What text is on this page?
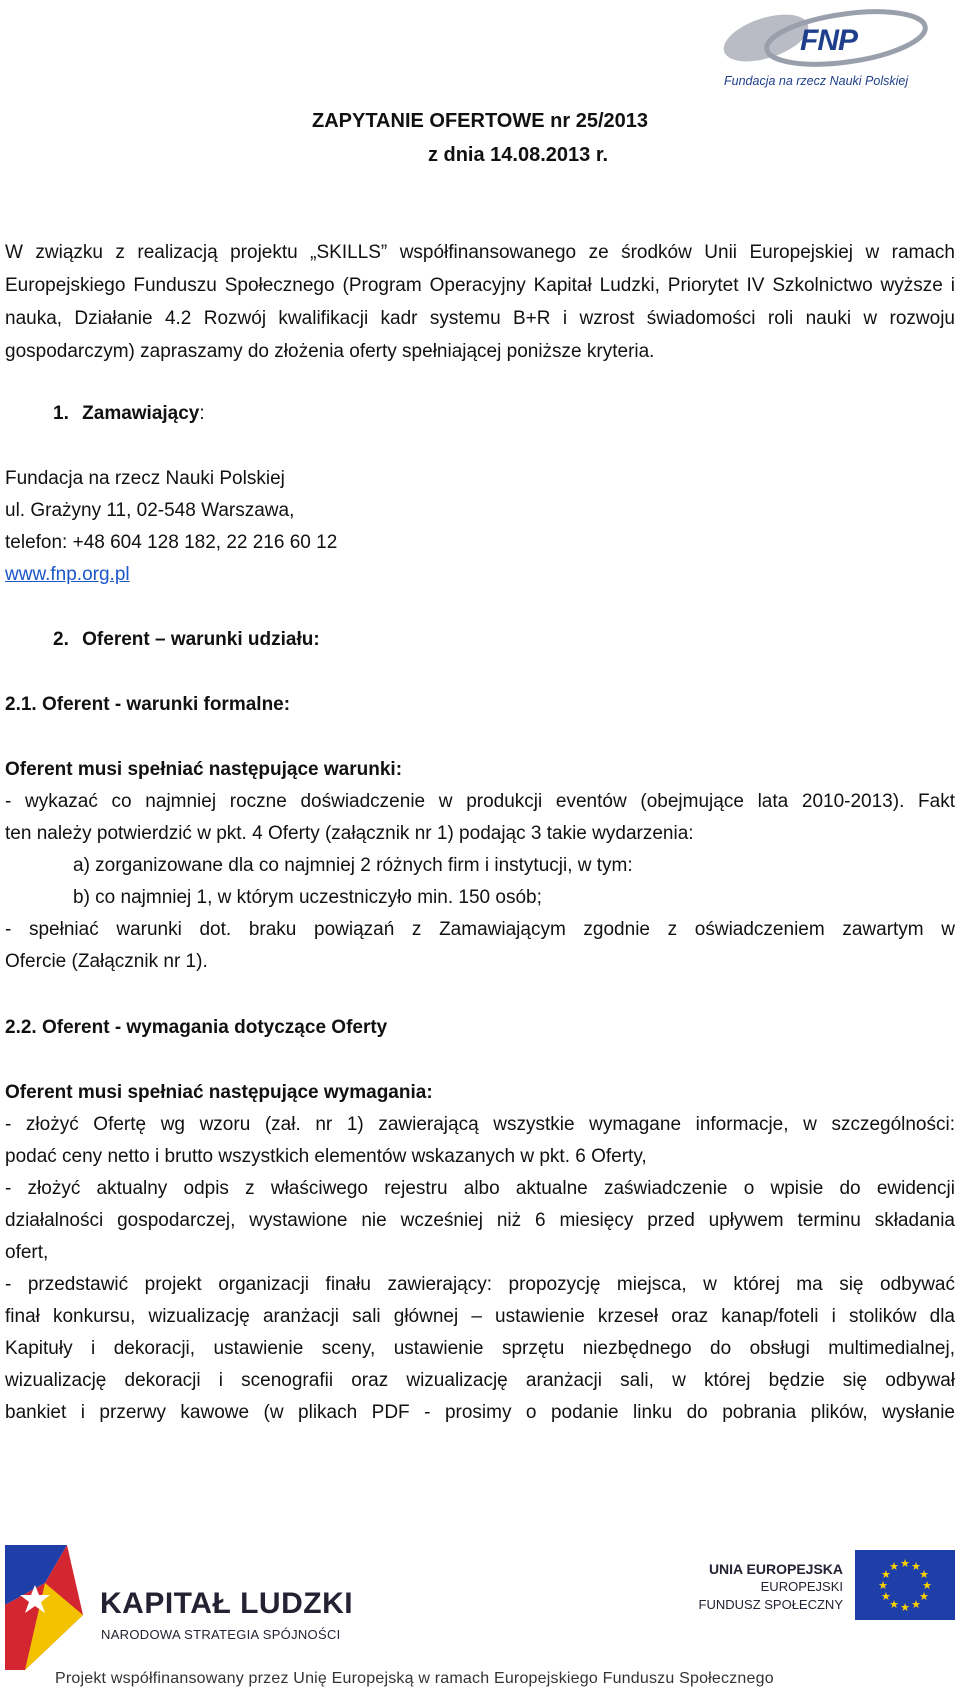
FNP
Fundacja na rzecz Nauki Polskiej
ZAPYTANIE OFERTOWE nr 25/2013
z dnia 14.08.2013 r.

W związku z realizacją projektu „SKILLS” współfinansowanego ze środków Unii Europejskiej w ramach Europejskiego Funduszu Społecznego (Program Operacyjny Kapitał Ludzki, Priorytet IV Szkolnictwo wyższe i nauka, Działanie 4.2 Rozwój kwalifikacji kadr systemu B+R i wzrost świadomości roli nauki w rozwoju gospodarczym) zapraszamy do złożenia oferty spełniającej poniższe kryteria.

1. Zamawiający:
Fundacja na rzecz Nauki Polskiej
ul. Grażyny 11, 02-548 Warszawa,
telefon: +48 604 128 182, 22 216 60 12
www.fnp.org.pl
2. Oferent – warunki udziału:
2.1. Oferent - warunki formalne:
Oferent musi spełniać następujące warunki:
- wykazać co najmniej roczne doświadczenie w produkcji eventów (obejmujące lata 2010-2013). Fakt
ten należy potwierdzić w pkt. 4 Oferty (załącznik nr 1) podając 3 takie wydarzenia:
a) zorganizowane dla co najmniej 2 różnych firm i instytucji, w tym:
b) co najmniej 1, w którym uczestniczyło min. 150 osób;
- spełniać warunki dot. braku powiązań z Zamawiającym zgodnie z oświadczeniem zawartym w
Ofercie (Załącznik nr 1).
2.2. Oferent - wymagania dotyczące Oferty
Oferent musi spełniać następujące wymagania:
- złożyć Ofertę wg wzoru (zał. nr 1) zawierającą wszystkie wymagane informacje, w szczególności:
podać ceny netto i brutto wszystkich elementów wskazanych w pkt. 6 Oferty,
- złożyć aktualny odpis z właściwego rejestru albo aktualne zaświadczenie o wpisie do ewidencji
działalności gospodarczej, wystawione nie wcześniej niż 6 miesięcy przed upływem terminu składania
ofert,
- przedstawić projekt organizacji finału zawierający: propozycję miejsca, w której ma się odbywać
finał konkursu, wizualizację aranżacji sali głównej – ustawienie krzeseł oraz kanap/foteli i stolików dla
Kapituły i dekoracji, ustawienie sceny, ustawienie sprzętu niezbędnego do obsługi multimedialnej,
wizualizację dekoracji i scenografii oraz wizualizację aranżacji sali, w której będzie się odbywał
bankiet i przerwy kawowe (w plikach PDF - prosimy o podanie linku do pobrania plików, wysłanie
KAPITAŁ LUDZKI
NARODOWA STRATEGIA SPÓJNOŚCI
UNIA EUROPEJSKA
EUROPEJSKI
FUNDUSZ SPOŁECZNY
★ ★
★
★
★
★
★
★
★
★
★
★
Projekt współfinansowany przez Unię Europejską w ramach Europejskiego Funduszu Społecznego
